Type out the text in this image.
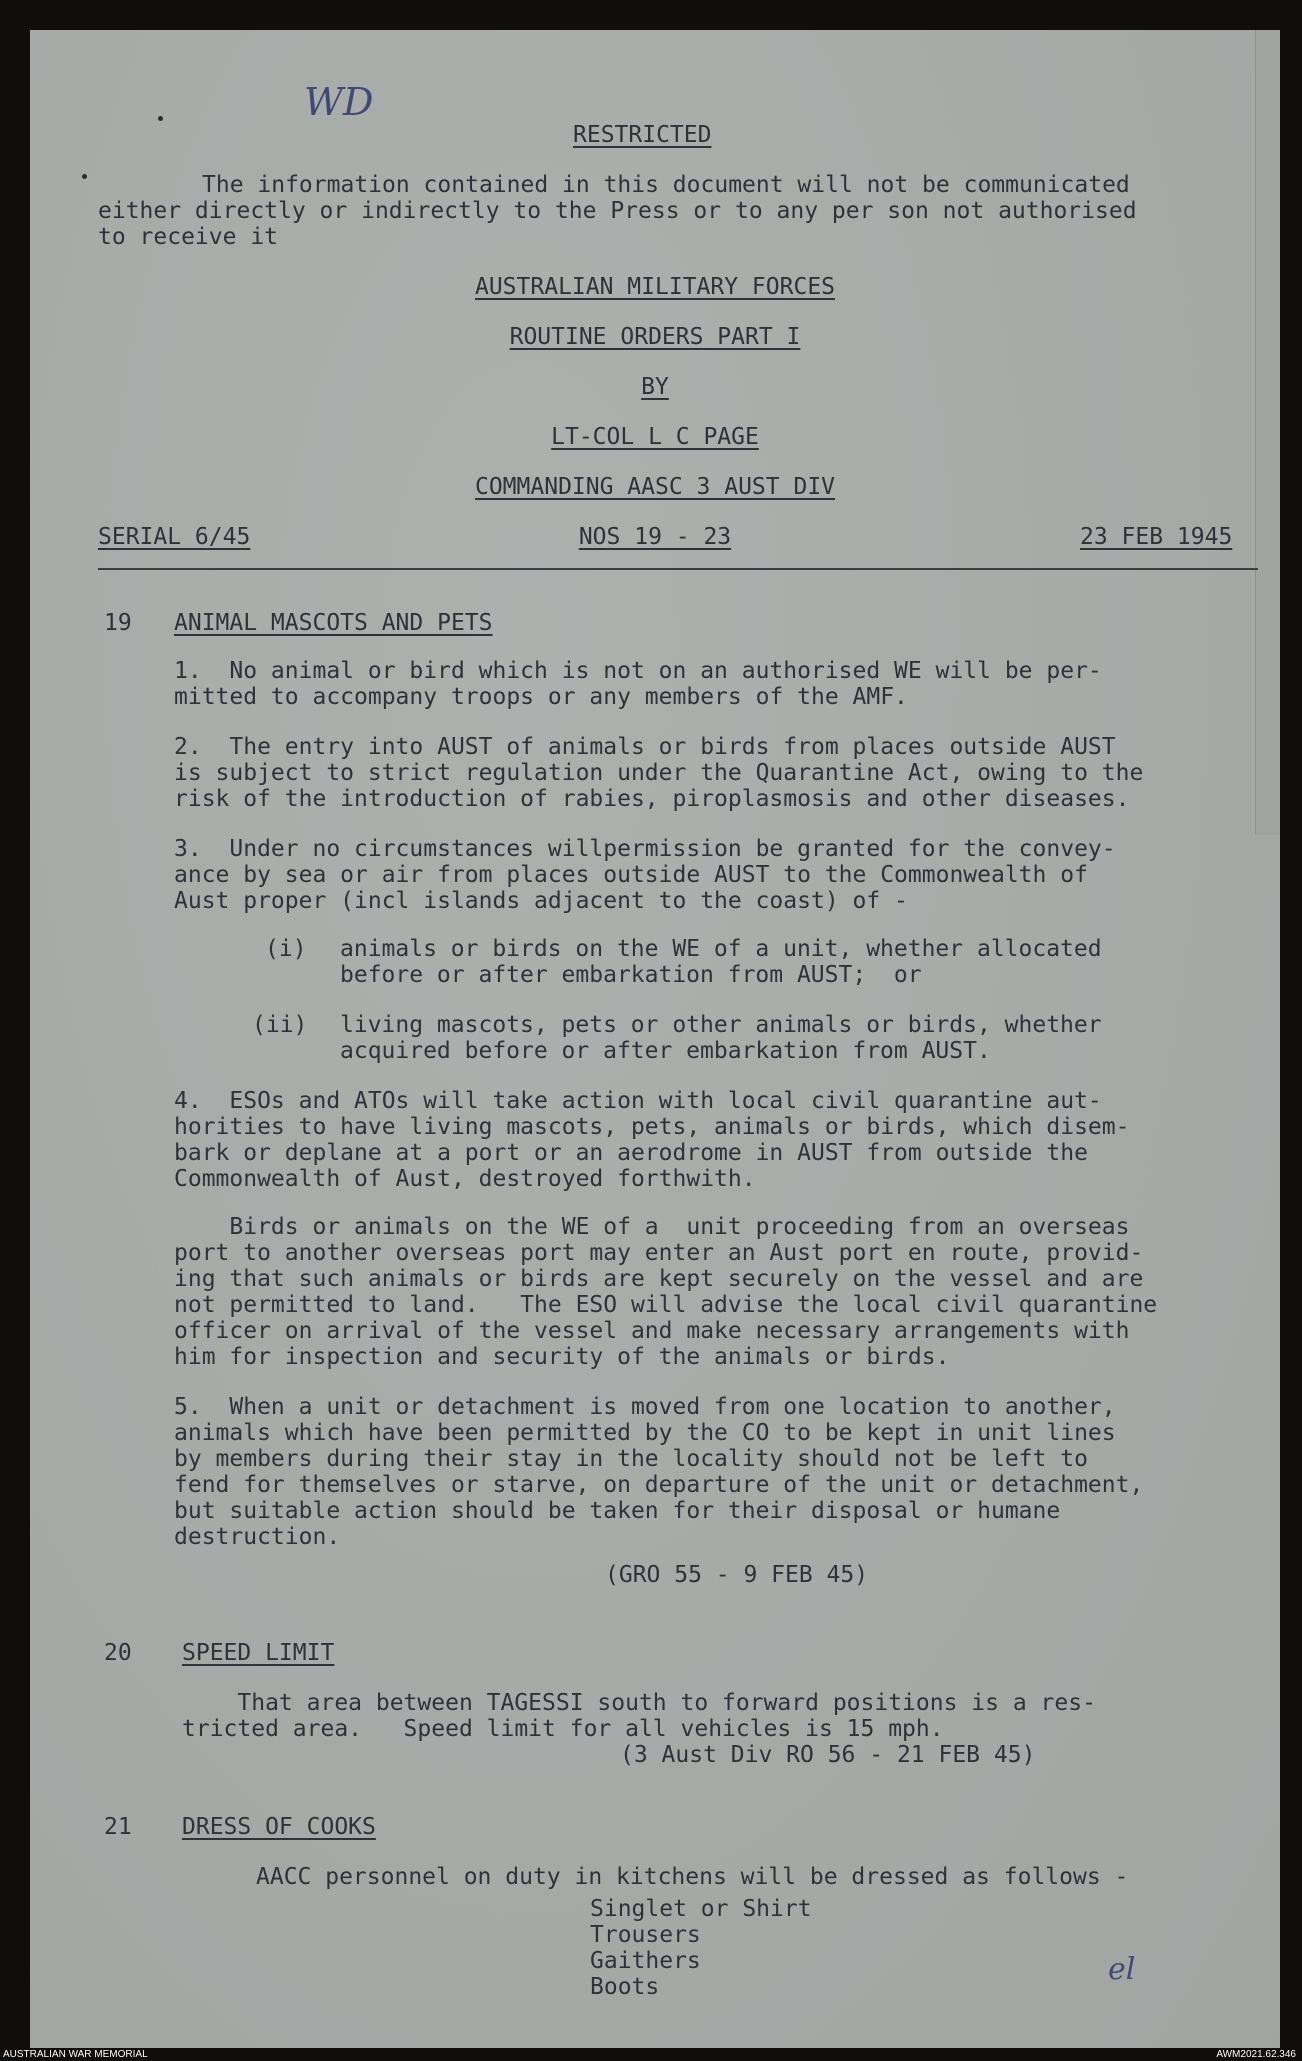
WD
RESTRICTED
The information contained in this document will not be communicated
either directly or indirectly to the Press or to any per son not authorised
to receive it
AUSTRALIAN MILITARY FORCES
ROUTINE ORDERS PART I
BY
LT-COL L C PAGE
COMMANDING AASC 3 AUST DIV
SERIAL 6/45	NOS 19 - 23	23 FEB 1945
19 ANIMAL MASCOTS AND PETS
1.  No animal or bird which is not on an authorised WE will be per-
mitted to accompany troops or any members of the AMF.
2.  The entry into AUST of animals or birds from places outside AUST
is subject to strict regulation under the Quarantine Act, owing to the
risk of the introduction of rabies, piroplasmosis and other diseases.
3.  Under no circumstances willpermission be granted for the convey-
ance by sea or air from places outside AUST to the Commonwealth of
Aust proper (incl islands adjacent to the coast) of -
(i) animals or birds on the WE of a unit, whether allocated
before or after embarkation from AUST;  or
(ii) living mascots, pets or other animals or birds, whether
acquired before or after embarkation from AUST.
4.  ESOs and ATOs will take action with local civil quarantine aut-
horities to have living mascots, pets, animals or birds, which disem-
bark or deplane at a port or an aerodrome in AUST from outside the
Commonwealth of Aust, destroyed forthwith.
Birds or animals on the WE of a  unit proceeding from an overseas
port to another overseas port may enter an Aust port en route, provid-
ing that such animals or birds are kept securely on the vessel and are
not permitted to land.   The ESO will advise the local civil quarantine
officer on arrival of the vessel and make necessary arrangements with
him for inspection and security of the animals or birds.
5.  When a unit or detachment is moved from one location to another,
animals which have been permitted by the CO to be kept in unit lines
by members during their stay in the locality should not be left to
fend for themselves or starve, on departure of the unit or detachment,
but suitable action should be taken for their disposal or humane
destruction.
(GRO 55 - 9 FEB 45)
20 SPEED LIMIT
That area between TAGESSI south to forward positions is a res-
tricted area.   Speed limit for all vehicles is 15 mph.
(3 Aust Div RO 56 - 21 FEB 45)
21 DRESS OF COOKS
AACC personnel on duty in kitchens will be dressed as follows -
Singlet or Shirt
Trousers
Gaithers
Boots	el
AUSTRALIAN WAR MEMORIAL	AWM2021.62.346
